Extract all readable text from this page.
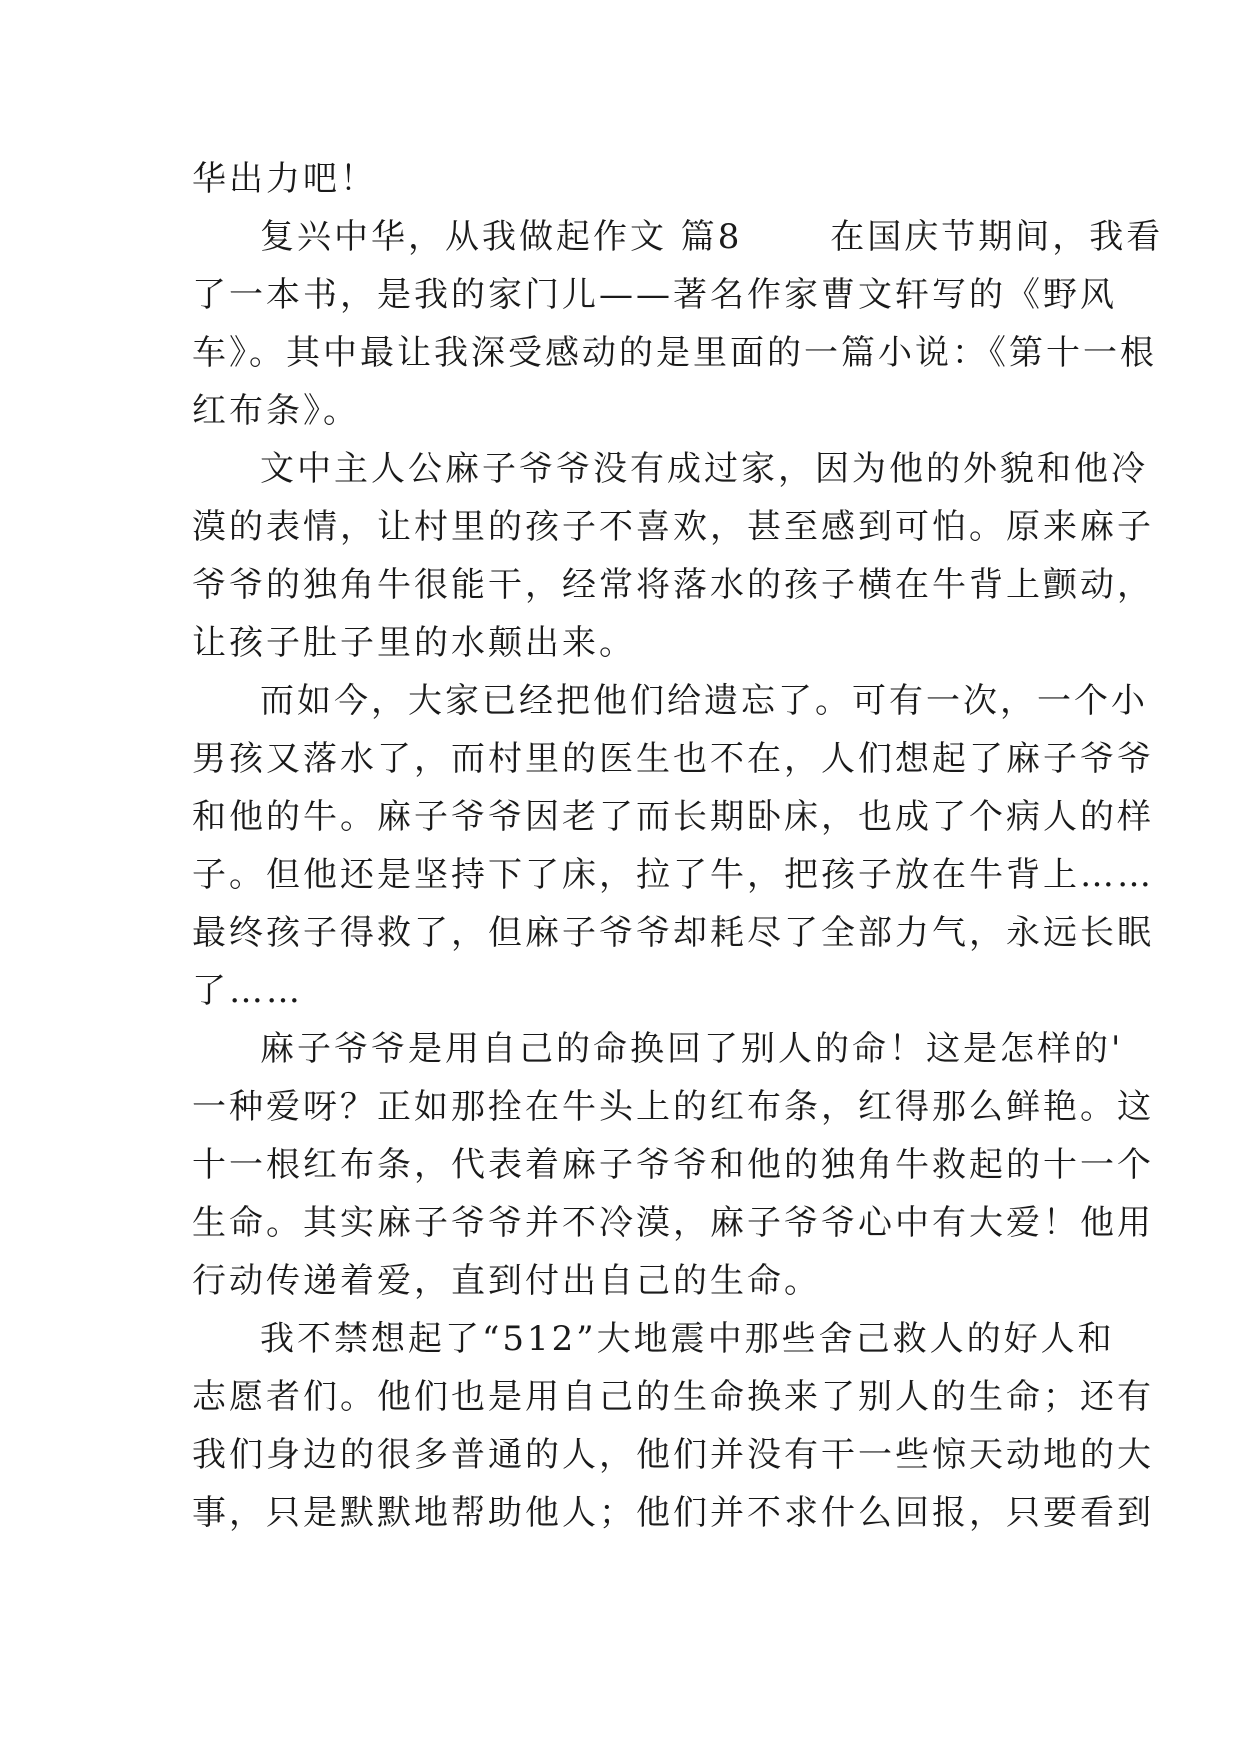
华出力吧！
复兴中华，从我做起作文 篇8　　 在国庆节期间，我看
了一本书，是我的家门儿——著名作家曹文轩写的《野风
车》。其中最让我深受感动的是里面的一篇小说：《第十一根
红布条》。
文中主人公麻子爷爷没有成过家，因为他的外貌和他冷
漠的表情，让村里的孩子不喜欢，甚至感到可怕。原来麻子
爷爷的独角牛很能干，经常将落水的孩子横在牛背上颤动，
让孩子肚子里的水颠出来。
而如今，大家已经把他们给遗忘了。可有一次，一个小
男孩又落水了，而村里的医生也不在，人们想起了麻子爷爷
和他的牛。麻子爷爷因老了而长期卧床，也成了个病人的样
子。但他还是坚持下了床，拉了牛，把孩子放在牛背上……
最终孩子得救了，但麻子爷爷却耗尽了全部力气，永远长眠
了……
麻子爷爷是用自己的命换回了别人的命！这是怎样的'
一种爱呀？正如那拴在牛头上的红布条，红得那么鲜艳。这
十一根红布条，代表着麻子爷爷和他的独角牛救起的十一个
生命。其实麻子爷爷并不冷漠，麻子爷爷心中有大爱！他用
行动传递着爱，直到付出自己的生命。
我不禁想起了“512”大地震中那些舍己救人的好人和
志愿者们。他们也是用自己的生命换来了别人的生命；还有
我们身边的很多普通的人，他们并没有干一些惊天动地的大
事，只是默默地帮助他人；他们并不求什么回报，只要看到
